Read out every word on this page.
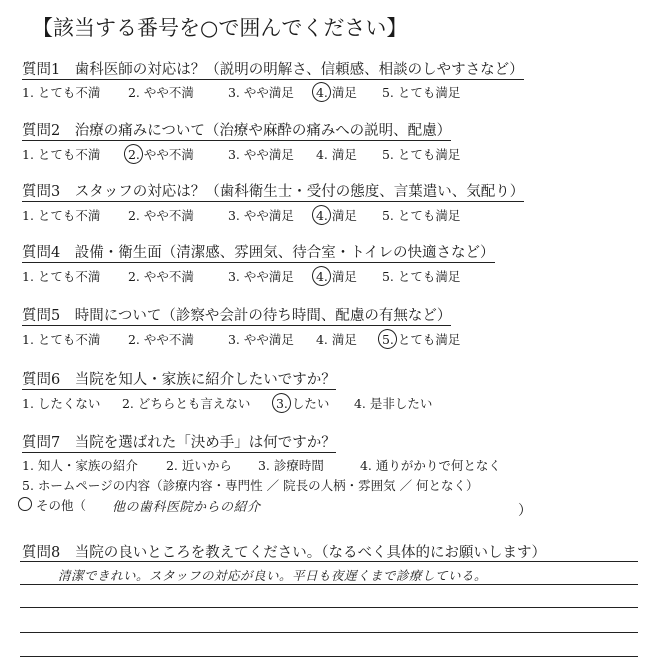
【該当する番号を○で囲んでください】
質問1　歯科医師の対応は？（説明の明解さ、信頼感、相談のしやすさなど）
1. とても不満 2. やや不満	3. やや満足 4. 満足 5. とても満足
質問2　治療の痛みについて（治療や麻酔の痛みへの説明、配慮）
1. とても不満 2. やや不満	3. やや満足 4. 満足 5. とても満足
質問3　スタッフの対応は？（歯科衛生士・受付の態度、言葉遣い、気配り）
1. とても不満 2. やや不満	3. やや満足 4. 満足 5. とても満足
質問4　設備・衛生面（清潔感、雰囲気、待合室・トイレの快適さなど）
1. とても不満 2. やや不満	3. やや満足 4. 満足 5. とても満足
質問5　時間について（診察や会計の待ち時間、配慮の有無など）
1. とても不満 2. やや不満	3. やや満足 4. 満足 5. とても満足
質問6　当院を知人・家族に紹介したいですか？
1. したくない 2. どちらとも言えない 3. したい 4. 是非したい
質問7　当院を選ばれた「決め手」は何ですか？
1. 知人・家族の紹介 2. 近いから 3. 診療時間	4. 通りがかりで何となく
5. ホームページの内容（診療内容・専門性 ／ 院長の人柄・雰囲気 ／ 何となく）
その他（ 他の歯科医院からの紹介	）
質問8　当院の良いところを教えてください。（なるべく具体的にお願いします）
清潔できれい。スタッフの対応が良い。平日も夜遅くまで診療している。
